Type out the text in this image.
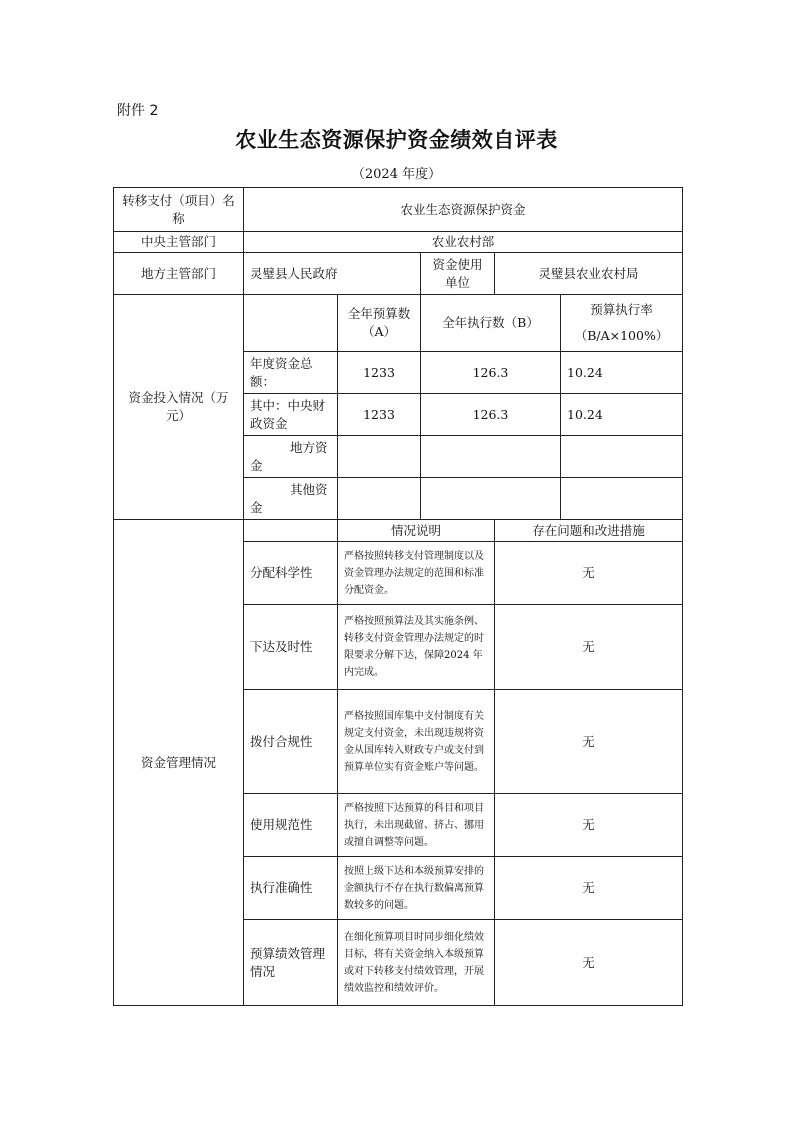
附件 2
农业生态资源保护资金绩效自评表
（2024 年度）
转移支付（项目）名称	农业生态资源保护资金				
中央主管部门	农业农村部				
地方主管部门	灵璧县人民政府		资金使用单位	灵璧县农业农村局	
资金投入情况（万元）		全年预算数（A）	全年执行数（B）		预算执行率
（B/A×100%）

	年度资金总额：	1233	126.3		10.24
	其中：中央财政资金	1233	126.3		10.24
	地方资金				
	其他资金				
资金管理情况		情况说明		存在问题和改进措施	
	分配科学性	严格按照转移支付管理制度以及资金管理办法规定的范围和标准分配资金。		无	
	下达及时性	严格按照预算法及其实施条例、转移支付资金管理办法规定的时限要求分解下达，保障2024 年内完成。		无	
	拨付合规性	严格按照国库集中支付制度有关规定支付资金，未出现违规将资金从国库转入财政专户或支付到预算单位实有资金账户等问题。		无	
	使用规范性	严格按照下达预算的科目和项目执行，未出现截留、挤占、挪用或擅自调整等问题。		无	
	执行准确性	按照上级下达和本级预算安排的金额执行不存在执行数偏离预算数较多的问题。		无	
	预算绩效管理情况	在细化预算项目时同步细化绩效目标，将有关资金纳入本级预算或对下转移支付绩效管理，开展绩效监控和绩效评价。		无	
